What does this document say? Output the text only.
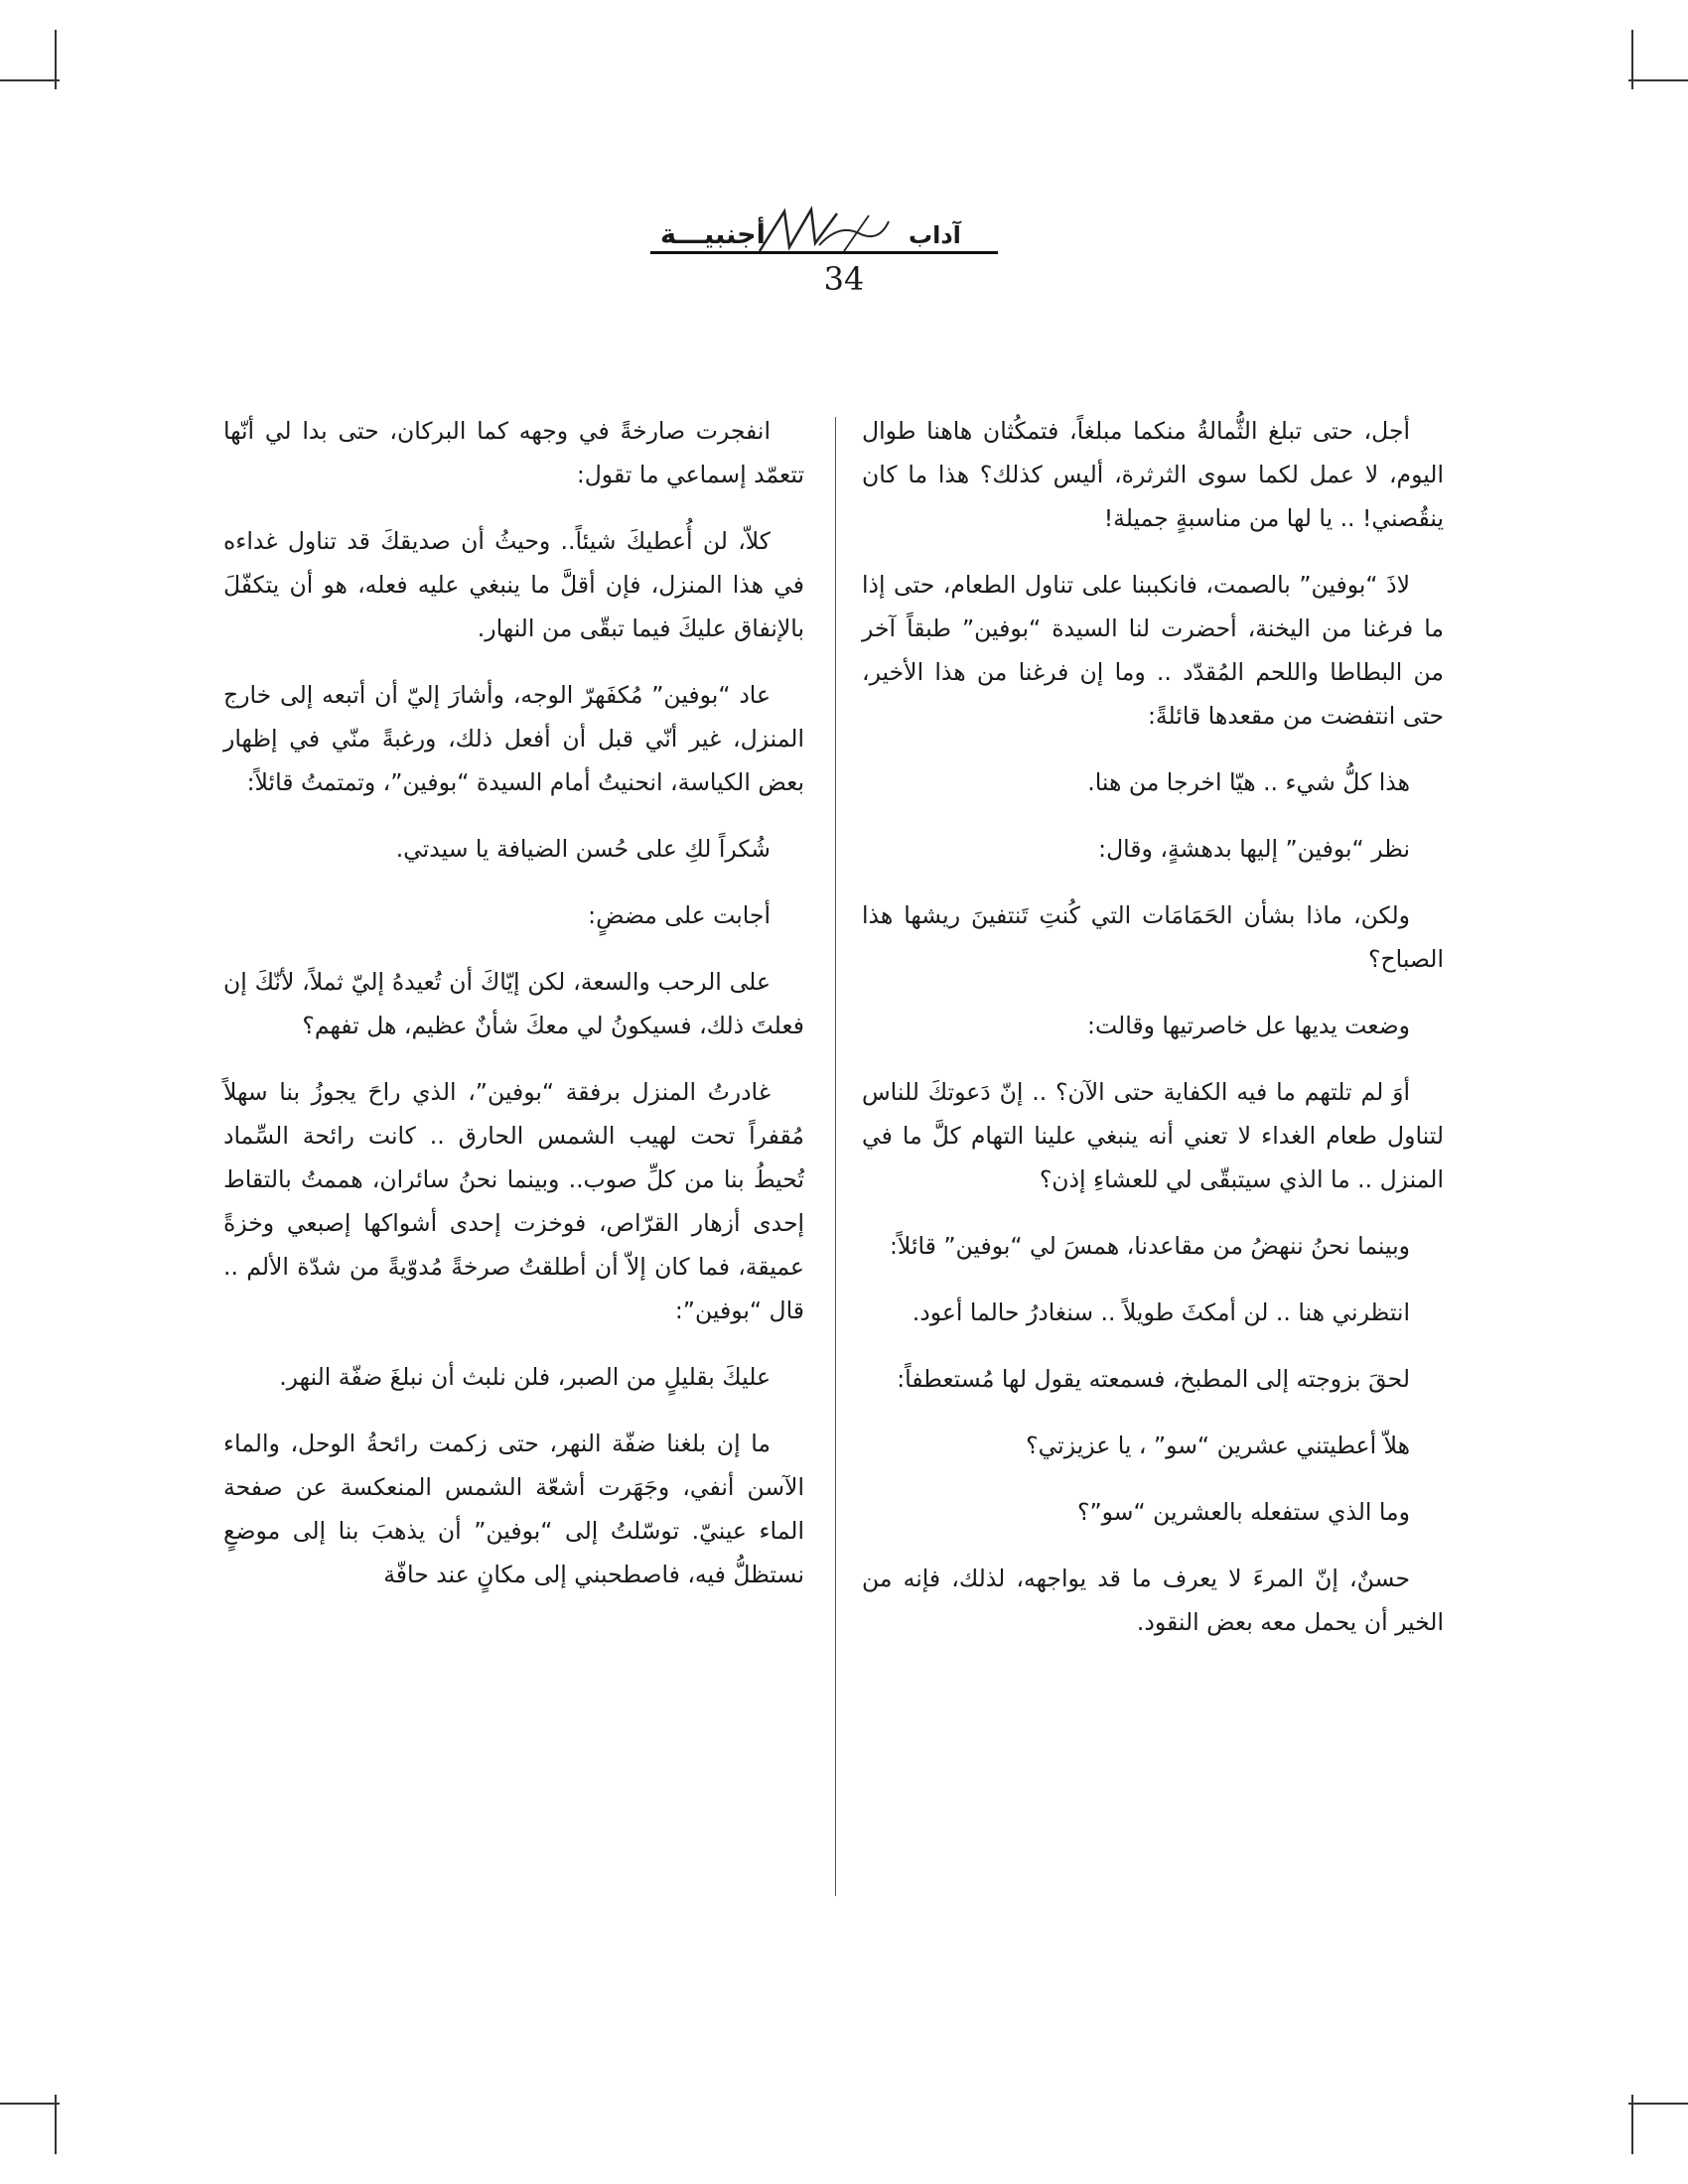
آداب
أجنبيـــة
34

أجل، حتى تبلغ الثُّمالةُ منكما مبلغاً، فتمكُثان هاهنا طوال اليوم، لا عمل لكما سوى الثرثرة، أليس كذلك؟ هذا ما كان ينقُصني! .. يا لها من مناسبةٍ جميلة!

لاذَ “بوفين” بالصمت، فانكببنا على تناول الطعام، حتى إذا ما فرغنا من اليخنة، أحضرت لنا السيدة “بوفين” طبقاً آخر من البطاطا واللحم المُقدّد .. وما إن فرغنا من هذا الأخير، حتى انتفضت من مقعدها قائلةً:

هذا كلُّ شيء .. هيّا اخرجا من هنا.

نظر “بوفين” إليها بدهشةٍ، وقال:

ولكن، ماذا بشأن الحَمَامَات التي كُنتِ تَنتفينَ ريشها هذا الصباح؟

وضعت يديها عل خاصرتيها وقالت:

أوَ لم تلتهم ما فيه الكفاية حتى الآن؟ .. إنّ دَعوتكَ للناس لتناول طعام الغداء لا تعني أنه ينبغي علينا التهام كلَّ ما في المنزل .. ما الذي سيتبقّى لي للعشاءِ إذن؟

وبينما نحنُ ننهضُ من مقاعدنا، همسَ لي “بوفين” قائلاً:

انتظرني هنا .. لن أمكثَ طويلاً .. سنغادرُ حالما أعود.

لحقَ بزوجته إلى المطبخ، فسمعته يقول لها مُستعطفاً:

هلاّ أعطيتني عشرين “سو” ، يا عزيزتي؟

وما الذي ستفعله بالعشرين “سو”؟

حسنٌ، إنّ المرءَ لا يعرف ما قد يواجهه، لذلك، فإنه من الخير أن يحمل معه بعض النقود.

انفجرت صارخةً في وجهه كما البركان، حتى بدا لي أنّها تتعمّد إسماعي ما تقول:

كلاّ، لن أُعطيكَ شيئاً.. وحيثُ أن صديقكَ قد تناول غداءه في هذا المنزل، فإن أقلَّ ما ينبغي عليه فعله، هو أن يتكفّلَ بالإنفاق عليكَ فيما تبقّى من النهار.

عاد “بوفين” مُكفَهرّ الوجه، وأشارَ إليّ أن أتبعه إلى خارج المنزل، غير أنّي قبل أن أفعل ذلك، ورغبةً منّي في إظهار بعض الكياسة، انحنيتُ أمام السيدة “بوفين”، وتمتمتُ قائلاً:

شُكراً لكِ على حُسن الضيافة يا سيدتي.

أجابت على مضضٍ:

على الرحب والسعة، لكن إيّاكَ أن تُعيدهُ إليّ ثملاً، لأنّكَ إن فعلتَ ذلك، فسيكونُ لي معكَ شأنٌ عظيم، هل تفهم؟

غادرتُ المنزل برفقة “بوفين”، الذي راحَ يجوزُ بنا سهلاً مُقفراً تحت لهيب الشمس الحارق .. كانت رائحة السِّماد تُحيطُ بنا من كلِّ صوب.. وبينما نحنُ سائران، هممتُ بالتقاط إحدى أزهار القرّاص، فوخزت إحدى أشواكها إصبعي وخزةً عميقة، فما كان إلاّ أن أطلقتُ صرخةً مُدوّيةً من شدّة الألم .. قال “بوفين”:

عليكَ بقليلٍ من الصبر، فلن نلبث أن نبلغَ ضفّة النهر.

ما إن بلغنا ضفّة النهر، حتى زكمت رائحةُ الوحل، والماء الآسن أنفي، وجَهَرت أشعّة الشمس المنعكسة عن صفحة الماء عينيّ. توسّلتُ إلى “بوفين” أن يذهبَ بنا إلى موضعٍ نستظلُّ فيه، فاصطحبني إلى مكانٍ عند حافّة
